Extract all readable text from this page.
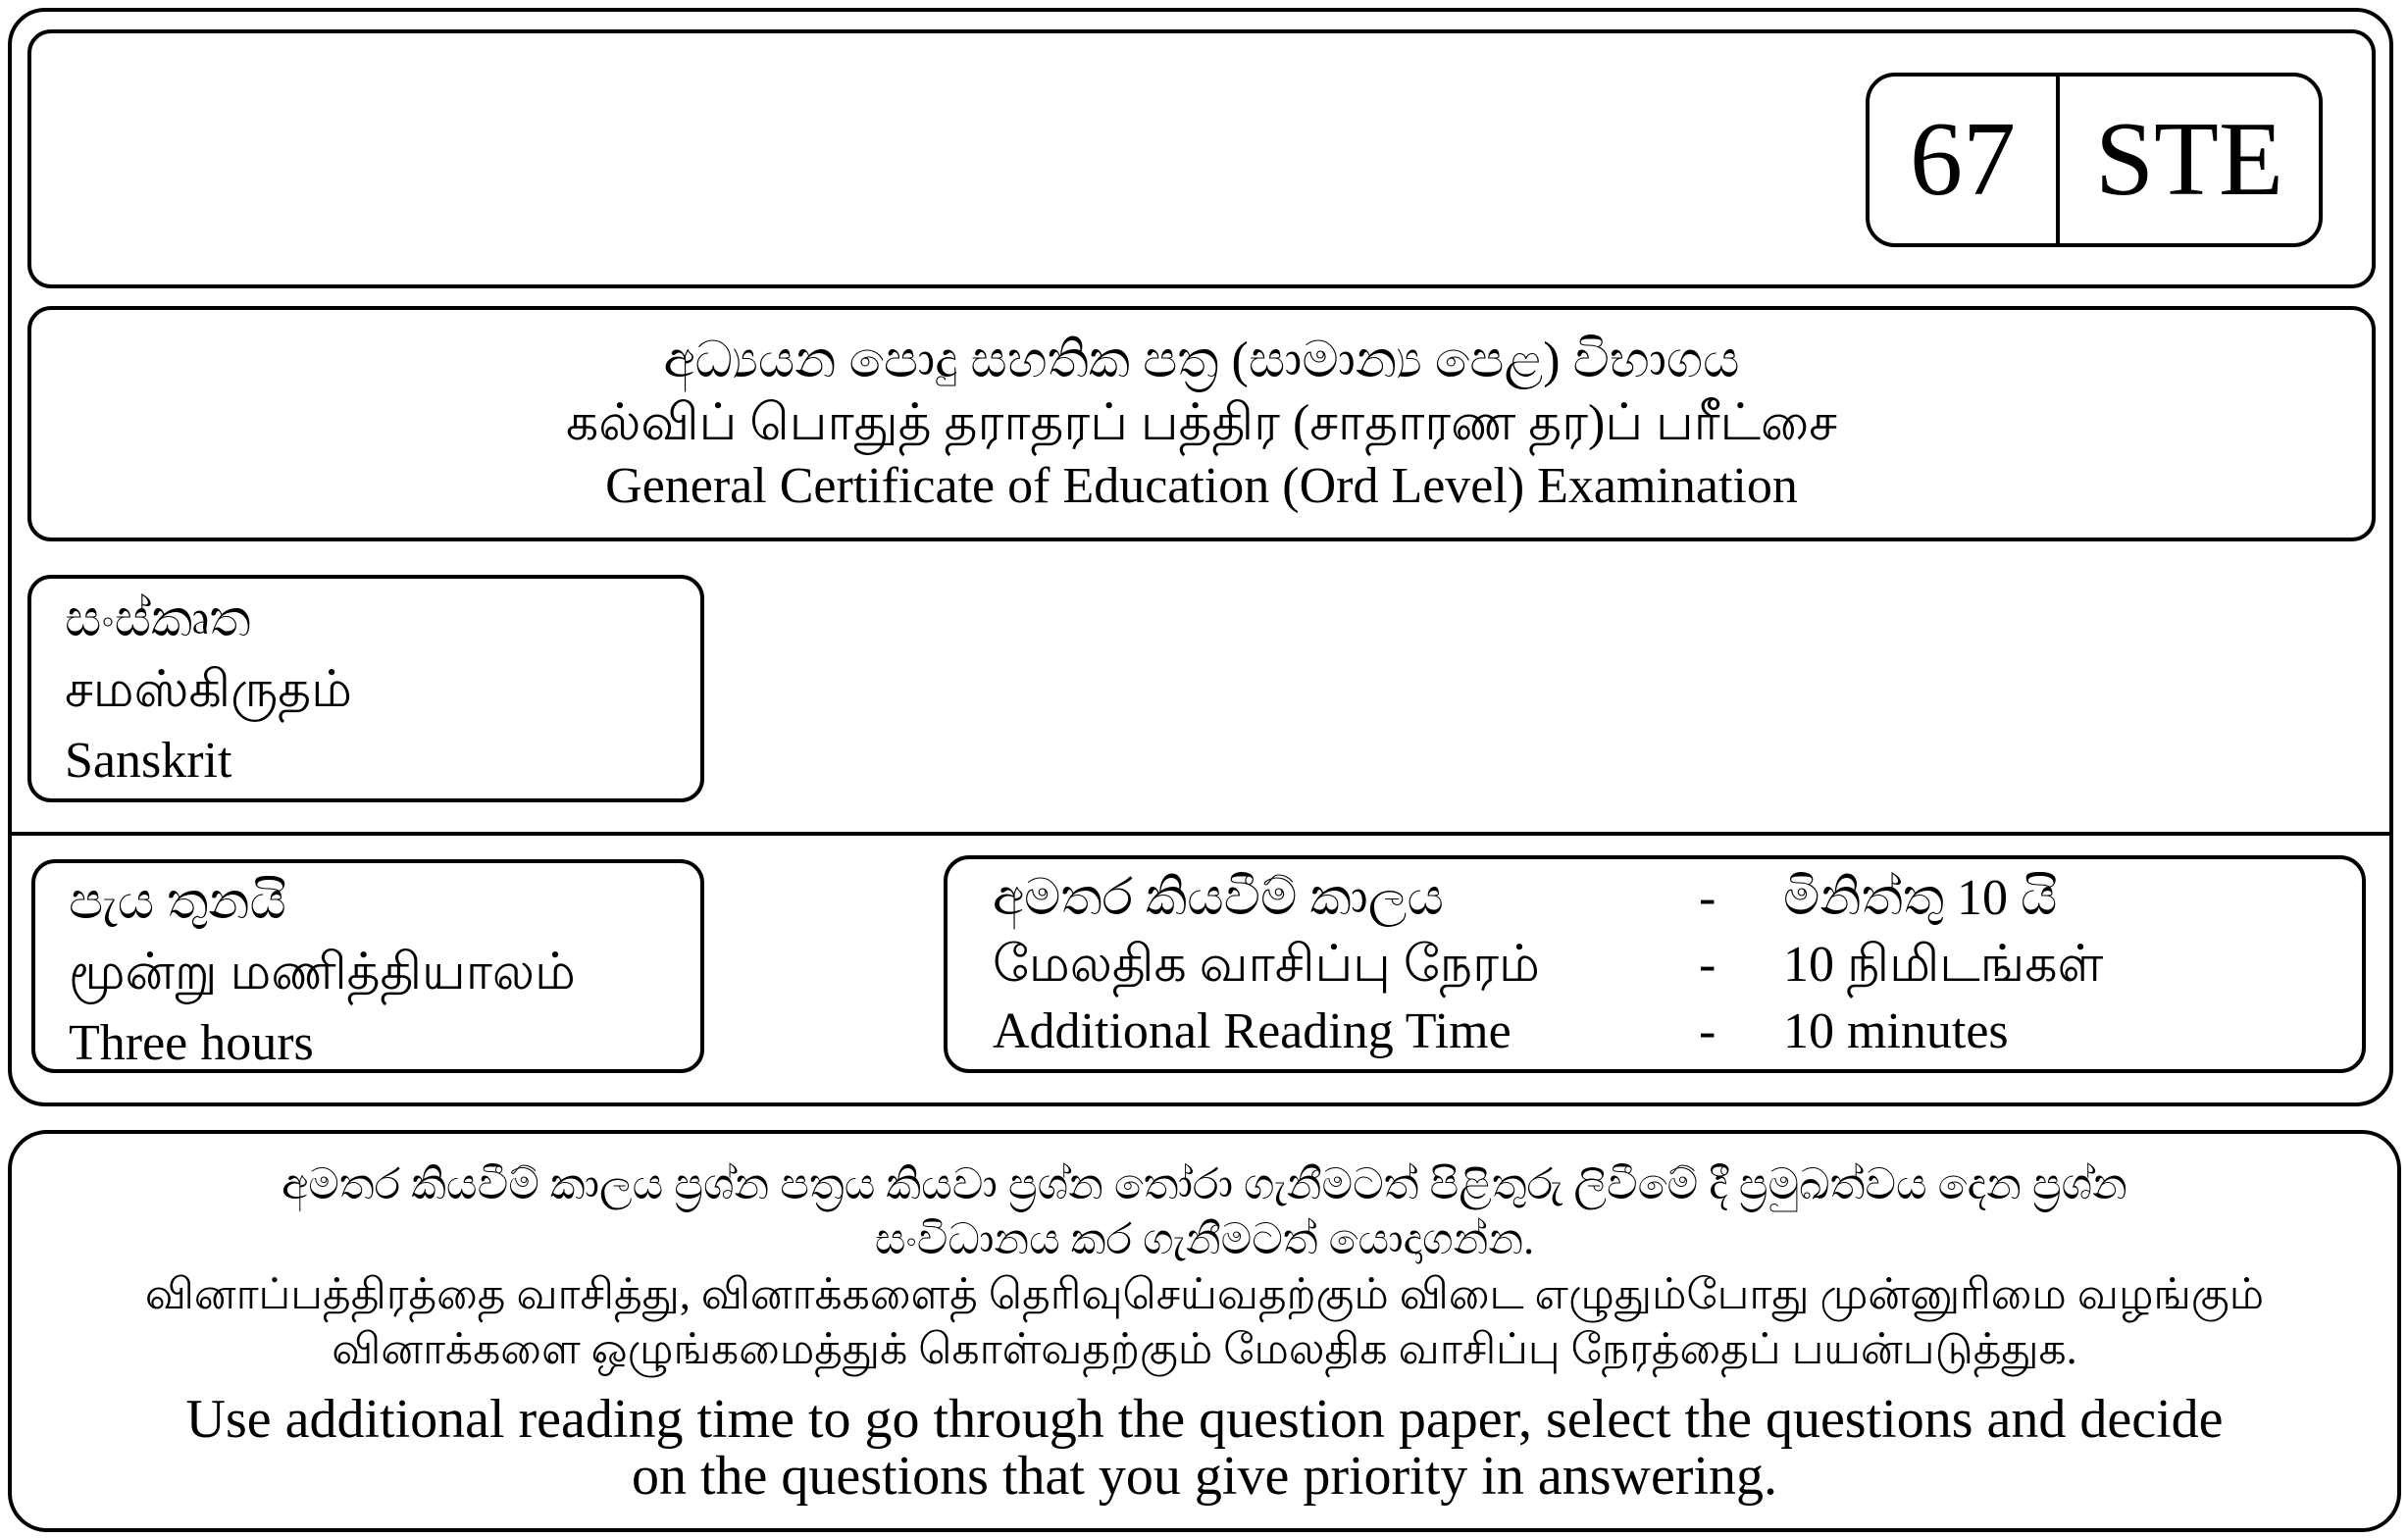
67 STE
අධ්‍යයන පොදු සහතික පත්‍ර (සාමාන්‍ය පෙළ) විභාගය
கல்விப் பொதுத் தராதரப் பத்திர (சாதாரண தர)ப் பரீட்சை
General Certificate of Education (Ord Level) Examination
සංස්කෘත
சமஸ்கிருதம்
Sanskrit
පැය තුනයි
மூன்று மணித்தியாலம்
Three hours
අමතර කියවීම් කාලය	-	මිනිත්තු 10 යි
மேலதிக வாசிப்பு நேரம்	-	10 நிமிடங்கள்
Additional Reading Time	-	10 minutes
අමතර කියවීම් කාලය ප්‍රශ්න පත්‍රය කියවා ප්‍රශ්න තෝරා ගැනීමටත් පිළිතුරු ලිවීමේ දී ප්‍රමුඛත්වය දෙන ප්‍රශ්න
සංවිධානය කර ගැනීමටත් යොදාගන්න.
வினாப்பத்திரத்தை வாசித்து, வினாக்களைத் தெரிவுசெய்வதற்கும் விடை எழுதும்போது முன்னுரிமை வழங்கும்
வினாக்களை ஒழுங்கமைத்துக் கொள்வதற்கும் மேலதிக வாசிப்பு நேரத்தைப் பயன்படுத்துக.
Use additional reading time to go through the question paper, select the questions and decide
on the questions that you give priority in answering.
